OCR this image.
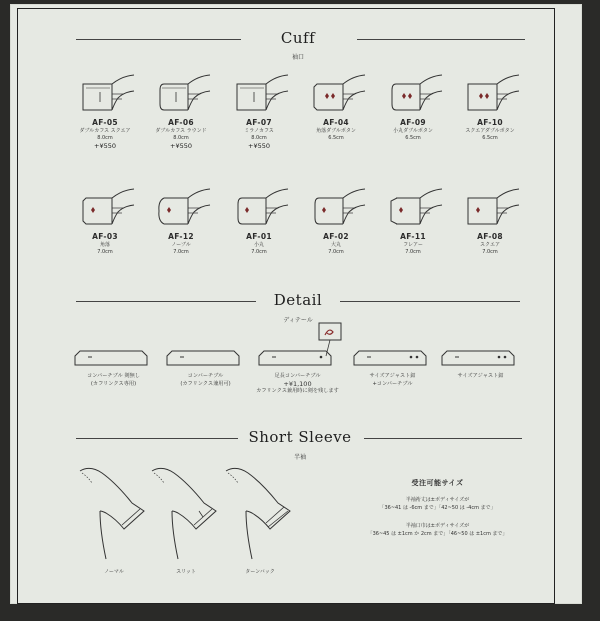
Cuff
袖口
AF-05
ダブルカフス スクエア
8.0cm
+¥550
AF-06
ダブルカフス ラウンド
8.0cm
+¥550
AF-07
ミラノカフス
8.0cm
+¥550
AF-04
角落ダブルボタン
6.5cm
AF-09
小丸ダブルボタン
6.5cm
AF-10
スクエアダブルボタン
6.5cm
AF-03
角落
7.0cm
AF-12
ノーブル
7.0cm
AF-01
小丸
7.0cm
AF-02
大丸
7.0cm
AF-11
フレアー
7.0cm
AF-08
スクエア
7.0cm
Detail
ディテール
コンバーチブル 剣無し
(カフリンクス専用)
コンバーチブル
(カフリンクス兼用可)
足長コンバーチブル
+¥1,100
カフリンクス兼用時に剣を残します
サイズアジャスト釦
+コンバーチブル
サイズアジャスト釦
Short Sleeve
半袖
ノーマル	スリット	ターンバック
受注可能サイズ
半袖裄丈は±ボディサイズが
「36~41 は -6cm まで」「42~50 は -4cm まで」
半袖口巾は±ボディサイズが
「36~45 は ±1cm か 2cm まで」「46~50 は ±1cm まで」
